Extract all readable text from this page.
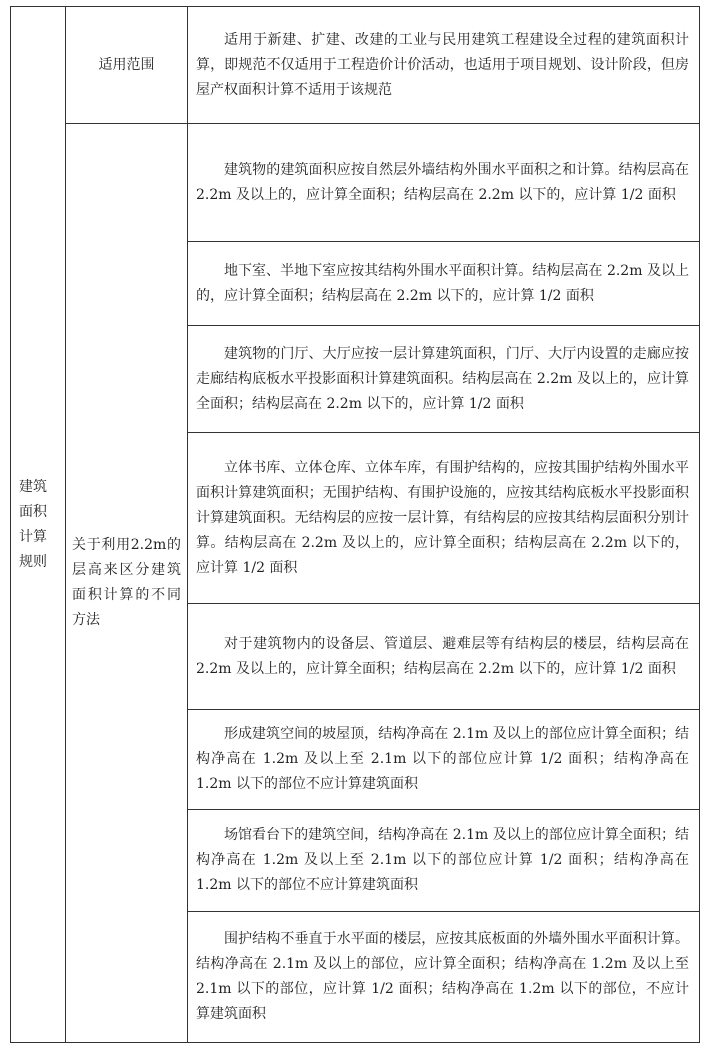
建筑面积计算规则	适用范围	适用于新建、扩建、改建的工业与民用建筑工程建设全过程的建筑面积计算，即规范不仅适用于工程造价计价活动，也适用于项目规划、设计阶段，但房屋产权面积计算不适用于该规范

	关于利用2.2m的层高来区分建筑面积计算的不同方法	建筑物的建筑面积应按自然层外墙结构外围水平面积之和计算。结构层高在 2.2m 及以上的，应计算全面积；结构层高在 2.2m 以下的，应计算 1/2 面积

		地下室、半地下室应按其结构外围水平面积计算。结构层高在 2.2m 及以上的，应计算全面积；结构层高在 2.2m 以下的，应计算 1/2 面积

		建筑物的门厅、大厅应按一层计算建筑面积，门厅、大厅内设置的走廊应按走廊结构底板水平投影面积计算建筑面积。结构层高在 2.2m 及以上的，应计算全面积；结构层高在 2.2m 以下的，应计算 1/2 面积

		立体书库、立体仓库、立体车库，有围护结构的，应按其围护结构外围水平面积计算建筑面积；无围护结构、有围护设施的，应按其结构底板水平投影面积计算建筑面积。无结构层的应按一层计算，有结构层的应按其结构层面积分别计算。结构层高在 2.2m 及以上的，应计算全面积；结构层高在 2.2m 以下的，应计算 1/2 面积

		对于建筑物内的设备层、管道层、避难层等有结构层的楼层，结构层高在 2.2m 及以上的，应计算全面积；结构层高在 2.2m 以下的，应计算 1/2 面积

		形成建筑空间的坡屋顶，结构净高在 2.1m 及以上的部位应计算全面积；结构净高在 1.2m 及以上至 2.1m 以下的部位应计算 1/2 面积；结构净高在 1.2m 以下的部位不应计算建筑面积

		场馆看台下的建筑空间，结构净高在 2.1m 及以上的部位应计算全面积；结构净高在 1.2m 及以上至 2.1m 以下的部位应计算 1/2 面积；结构净高在 1.2m 以下的部位不应计算建筑面积

		围护结构不垂直于水平面的楼层，应按其底板面的外墙外围水平面积计算。结构净高在 2.1m 及以上的部位，应计算全面积；结构净高在 1.2m 及以上至 2.1m 以下的部位，应计算 1/2 面积；结构净高在 1.2m 以下的部位，不应计算建筑面积
